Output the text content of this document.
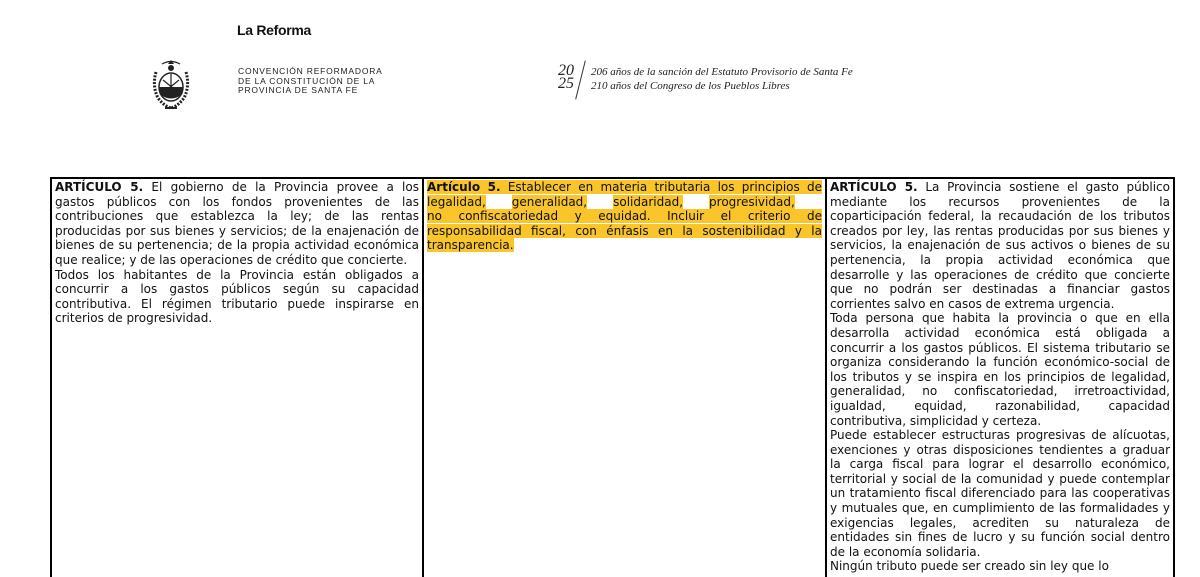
La Reforma
CONVENCIÓN REFORMADORA
DE LA CONSTITUCIÓN DE LA
PROVINCIA DE SANTA FE
20
25
206 años de la sanción del Estatuto Provisorio de Santa Fe
210 años del Congreso de los Pueblos Libres

ARTÍCULO 5. El gobierno de la Provincia provee a los gastos públicos con los fondos provenientes de las contribuciones que establezca la ley; de las rentas producidas por sus bienes y servicios; de la enajenación de bienes de su pertenencia; de la propia actividad económica que realice; y de las operaciones de crédito que concierte.

Todos los habitantes de la Provincia están obligados a concurrir a los gastos públicos según su capacidad contributiva. El régimen tributario puede inspirarse en criterios de progresividad.

Artículo 5. Establecer en materia tributaria los principios de legalidad, generalidad, solidaridad, progresividad,no confiscatoriedad y equidad. Incluir el criterio de responsabilidad fiscal, con énfasis en la sostenibilidad y la transparencia.

ARTÍCULO 5. La Provincia sostiene el gasto público mediante los recursos provenientes de la coparticipación federal, la recaudación de los tributos creados por ley, las rentas producidas por sus bienes y servicios, la enajenación de sus activos o bienes de su pertenencia, la propia actividad económica que desarrolle y las operaciones de crédito que concierte que no podrán ser destinadas a financiar gastos corrientes salvo en casos de extrema urgencia.

Toda persona que habita la provincia o que en ella desarrolla actividad económica está obligada a concurrir a los gastos públicos. El sistema tributario se organiza considerando la función económico-social de los tributos y se inspira en los principios de legalidad, generalidad, no confiscatoriedad, irretroactividad, igualdad, equidad, razonabilidad, capacidad contributiva, simplicidad y certeza.

Puede establecer estructuras progresivas de alícuotas, exenciones y otras disposiciones tendientes a graduar la carga fiscal para lograr el desarrollo económico, territorial y social de la comunidad y puede contemplar un tratamiento fiscal diferenciado para las cooperativas y mutuales que, en cumplimiento de las formalidades y exigencias legales, acrediten su naturaleza de entidades sin fines de lucro y su función social dentro de la economía solidaria.

Ningún tributo puede ser creado sin ley que lo
